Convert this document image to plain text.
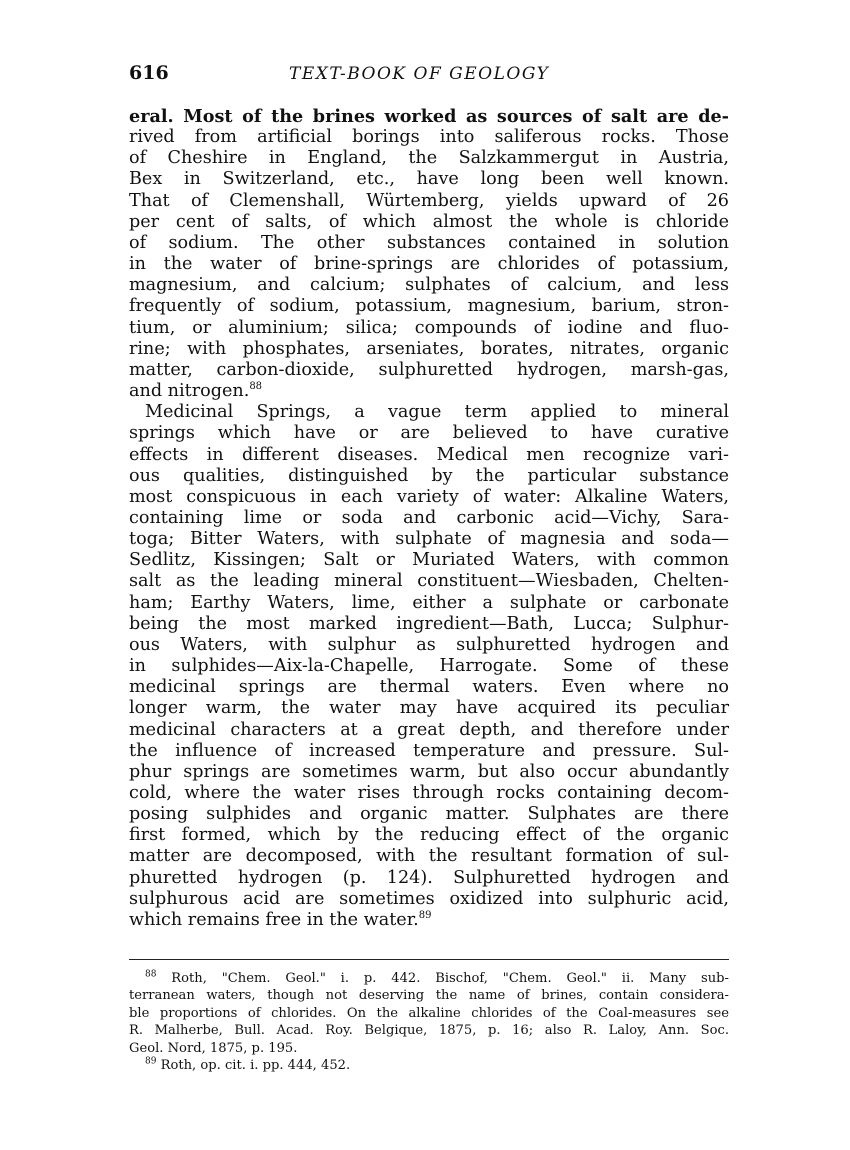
616	TEXT-BOOK OF GEOLOGY
eral. Most of the brines worked as sources of salt are de-
rived from artificial borings into saliferous rocks. Those
of Cheshire in England, the Salzkammergut in Austria,
Bex in Switzerland, etc., have long been well known.
That of Clemenshall, Würtemberg, yields upward of 26
per cent of salts, of which almost the whole is chloride
of sodium. The other substances contained in solution
in the water of brine-springs are chlorides of potassium,
magnesium, and calcium; sulphates of calcium, and less
frequently of sodium, potassium, magnesium, barium, stron-
tium, or aluminium; silica; compounds of iodine and fluo-
rine; with phosphates, arseniates, borates, nitrates, organic
matter, carbon-dioxide, sulphuretted hydrogen, marsh-gas,
and nitrogen.$^{88}$
Medicinal Springs, a vague term applied to mineral
springs which have or are believed to have curative
effects in different diseases. Medical men recognize vari-
ous qualities, distinguished by the particular substance
most conspicuous in each variety of water: Alkaline Waters,
containing lime or soda and carbonic acid—Vichy, Sara-
toga; Bitter Waters, with sulphate of magnesia and soda—
Sedlitz, Kissingen; Salt or Muriated Waters, with common
salt as the leading mineral constituent—Wiesbaden, Chelten-
ham; Earthy Waters, lime, either a sulphate or carbonate
being the most marked ingredient—Bath, Lucca; Sulphur-
ous Waters, with sulphur as sulphuretted hydrogen and
in sulphides—Aix-la-Chapelle, Harrogate. Some of these
medicinal springs are thermal waters. Even where no
longer warm, the water may have acquired its peculiar
medicinal characters at a great depth, and therefore under
the influence of increased temperature and pressure. Sul-
phur springs are sometimes warm, but also occur abundantly
cold, where the water rises through rocks containing decom-
posing sulphides and organic matter. Sulphates are there
first formed, which by the reducing effect of the organic
matter are decomposed, with the resultant formation of sul-
phuretted hydrogen (p. 124). Sulphuretted hydrogen and
sulphurous acid are sometimes oxidized into sulphuric acid,
which remains free in the water.$^{89}$
$^{88}$ Roth, "Chem. Geol." i. p. 442. Bischof, "Chem. Geol." ii. Many sub-
terranean waters, though not deserving the name of brines, contain considera-
ble proportions of chlorides. On the alkaline chlorides of the Coal-measures see
R. Malherbe, Bull. Acad. Roy. Belgique, 1875, p. 16; also R. Laloy, Ann. Soc.
Geol. Nord, 1875, p. 195.
$^{89}$ Roth, op. cit. i. pp. 444, 452.
